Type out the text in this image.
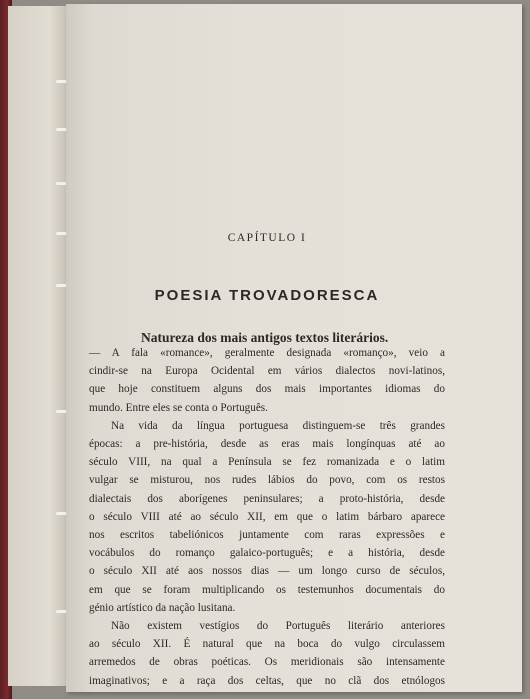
CAPÍTULO I
POESIA TROVADORESCA
Natureza dos mais antigos textos literários.
— A fala «romance», geralmente designada «romanço», veio a
cindir-se na Europa Ocidental em vários dialectos novi-latinos,
que hoje constituem alguns dos mais importantes idiomas do
mundo. Entre eles se conta o Português.
Na vida da língua portuguesa distinguem-se três grandes
épocas: a pre-história, desde as eras mais longínquas até ao
século VIII, na qual a Península se fez romanizada e o latim
vulgar se misturou, nos rudes lábios do povo, com os restos
dialectais dos aborígenes peninsulares; a proto-história, desde
o século VIII até ao século XII, em que o latim bárbaro aparece
nos escritos tabeliónicos juntamente com raras expressões e
vocábulos do romanço galaico-português; e a história, desde
o século XII até aos nossos dias — um longo curso de séculos,
em que se foram multiplicando os testemunhos documentais do
génio artístico da nação lusitana.
Não existem vestígios do Português literário anteriores
ao século XII. É natural que na boca do vulgo circulassem
arremedos de obras poéticas. Os meridionais são intensamente
imaginativos; e a raça dos celtas, que no clã dos etnólogos
